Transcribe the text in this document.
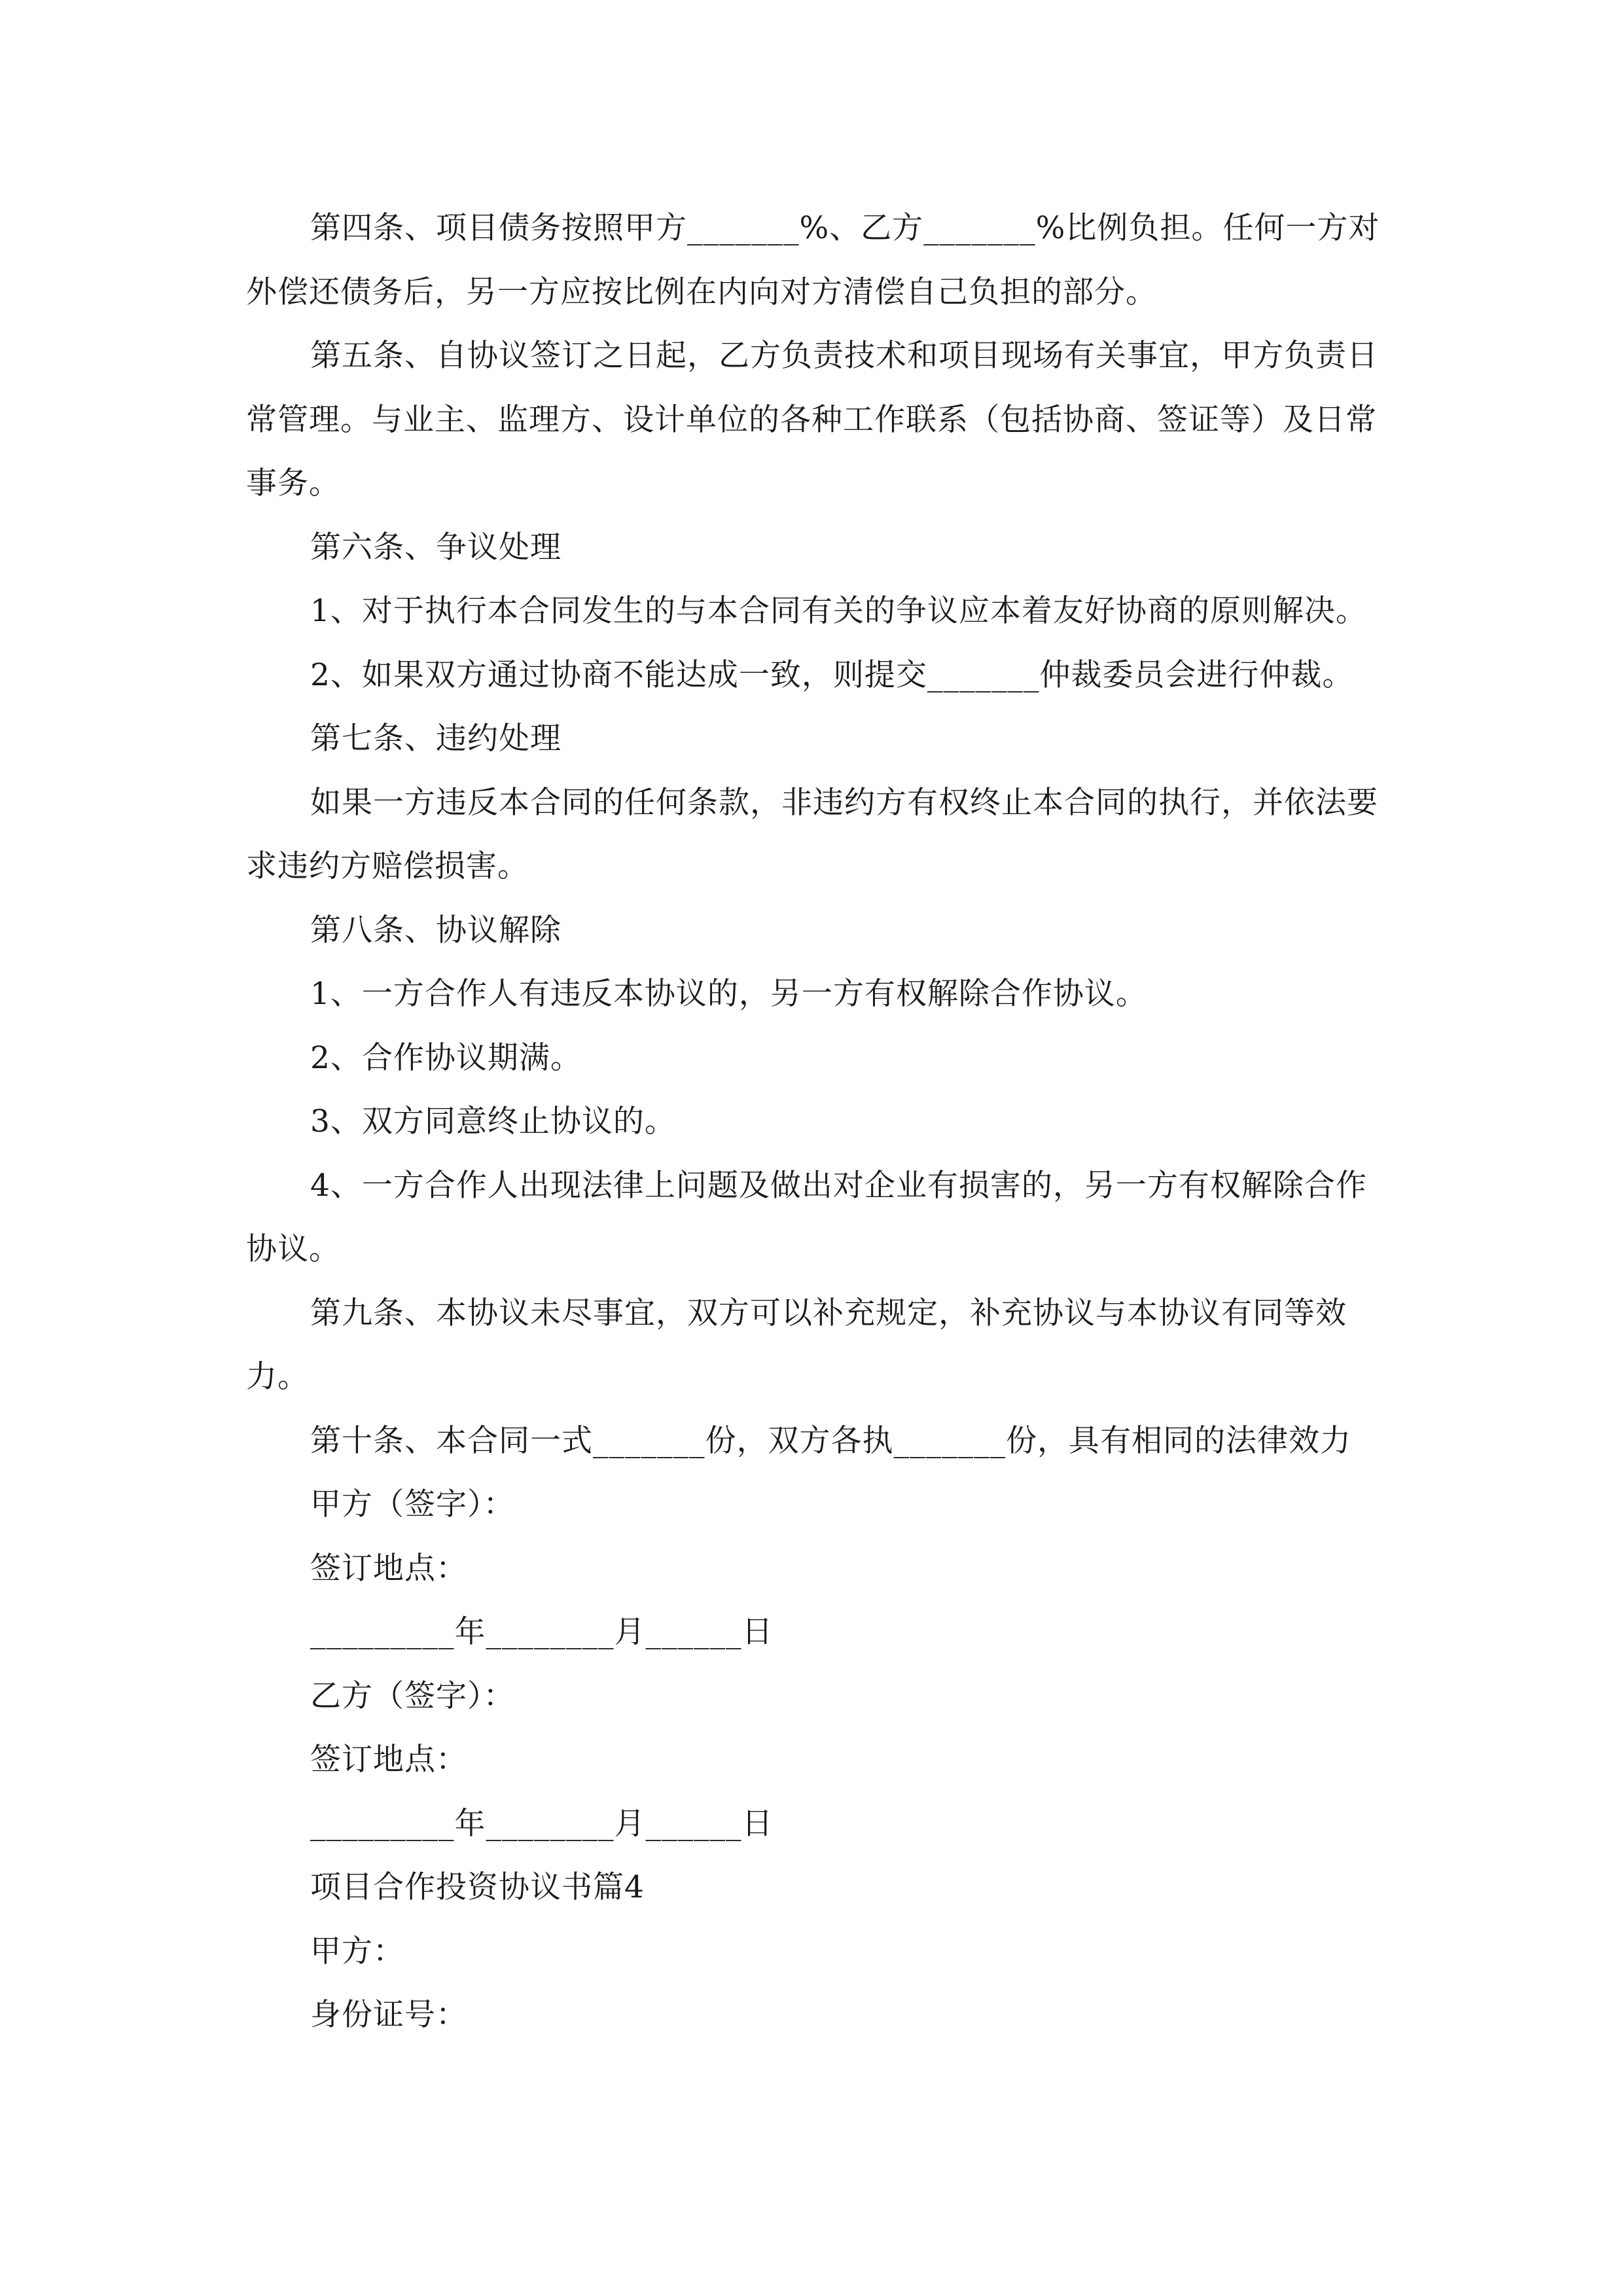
第四条、项目债务按照甲方_______%、乙方_______%比例负担。任何一方对外偿还债务后，另一方应按比例在内向对方清偿自己负担的部分。

第五条、自协议签订之日起，乙方负责技术和项目现场有关事宜，甲方负责日常管理。与业主、监理方、设计单位的各种工作联系（包括协商、签证等）及日常事务。

第六条、争议处理

1、对于执行本合同发生的与本合同有关的争议应本着友好协商的原则解决。

2、如果双方通过协商不能达成一致，则提交_______仲裁委员会进行仲裁。

第七条、违约处理

如果一方违反本合同的任何条款，非违约方有权终止本合同的执行，并依法要求违约方赔偿损害。

第八条、协议解除

1、一方合作人有违反本协议的，另一方有权解除合作协议。

2、合作协议期满。

3、双方同意终止协议的。

4、一方合作人出现法律上问题及做出对企业有损害的，另一方有权解除合作协议。

第九条、本协议未尽事宜，双方可以补充规定，补充协议与本协议有同等效力。

第十条、本合同一式_______份，双方各执_______份，具有相同的法律效力

甲方（签字）：

签订地点：

_________年________月______日

乙方（签字）：

签订地点：

_________年________月______日

项目合作投资协议书篇4

甲方：

身份证号：
